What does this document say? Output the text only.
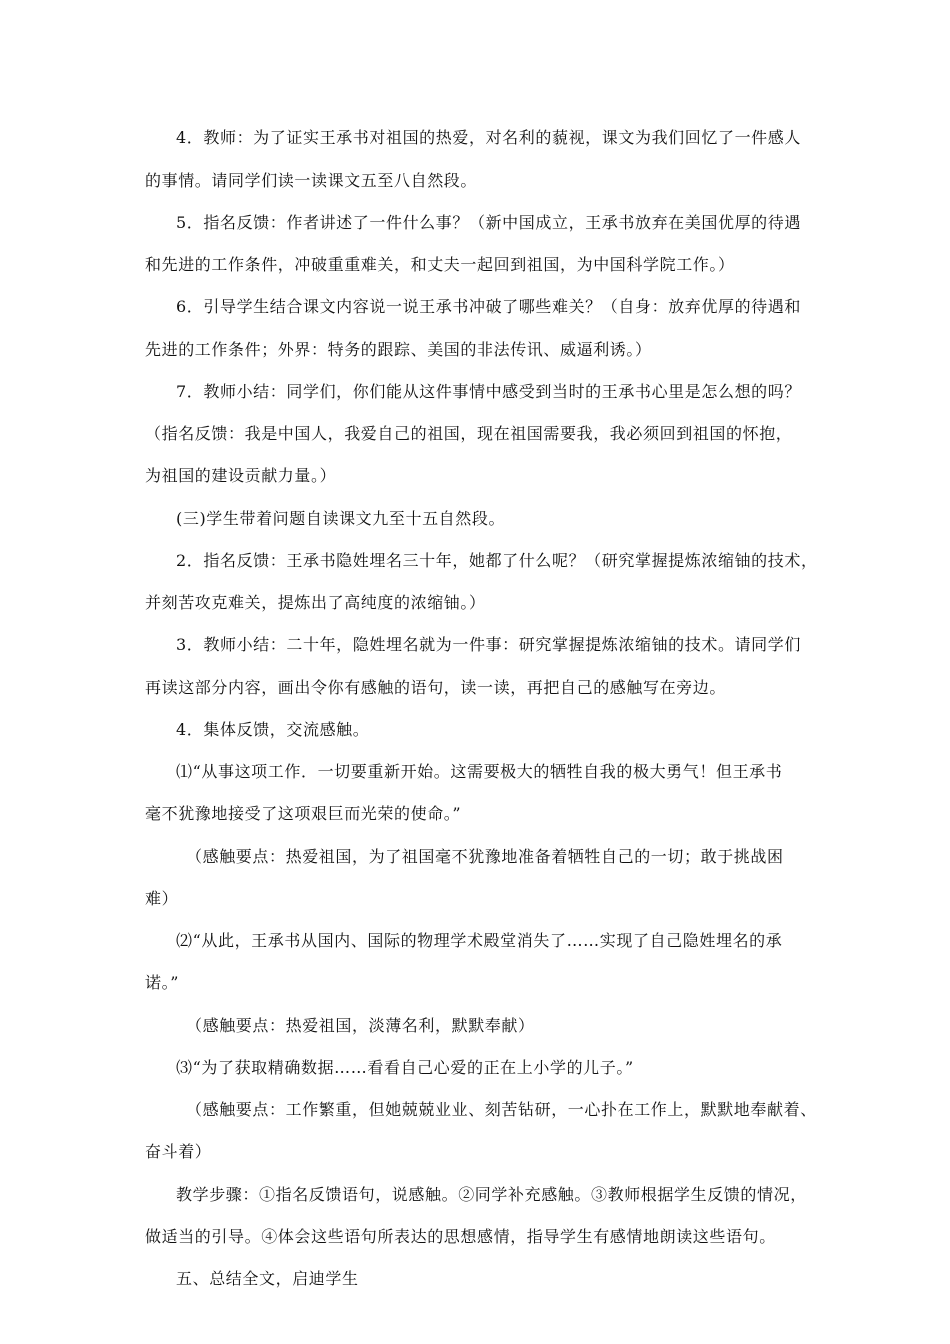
4．教师：为了证实王承书对祖国的热爱，对名利的藐视，课文为我们回忆了一件感人
的事情。请同学们读一读课文五至八自然段。
5．指名反馈：作者讲述了一件什么事？（新中国成立，王承书放弃在美国优厚的待遇
和先进的工作条件，冲破重重难关，和丈夫一起回到祖国，为中国科学院工作。）
6．引导学生结合课文内容说一说王承书冲破了哪些难关？（自身：放弃优厚的待遇和
先进的工作条件；外界：特务的跟踪、美国的非法传讯、威逼利诱。）
7．教师小结：同学们，你们能从这件事情中感受到当时的王承书心里是怎么想的吗？
（指名反馈：我是中国人，我爱自己的祖国，现在祖国需要我，我必须回到祖国的怀抱，
为祖国的建设贡献力量。）
(三)学生带着问题自读课文九至十五自然段。
2．指名反馈：王承书隐姓埋名三十年，她都了什么呢？（研究掌握提炼浓缩铀的技术，
并刻苦攻克难关，提炼出了高纯度的浓缩铀。）
3．教师小结：二十年，隐姓埋名就为一件事：研究掌握提炼浓缩铀的技术。请同学们
再读这部分内容，画出令你有感触的语句，读一读，再把自己的感触写在旁边。
4．集体反馈，交流感触。
⑴“从事这项工作．一切要重新开始。这需要极大的牺牲自我的极大勇气！但王承书
毫不犹豫地接受了这项艰巨而光荣的使命。”
（感触要点：热爱祖国，为了祖国毫不犹豫地准备着牺牲自己的一切；敢于挑战困
难）
⑵“从此，王承书从国内、国际的物理学术殿堂消失了……实现了自己隐姓埋名的承
诺。”
（感触要点：热爱祖国，淡薄名利，默默奉献）
⑶“为了获取精确数据……看看自己心爱的正在上小学的儿子。”
（感触要点：工作繁重，但她兢兢业业、刻苦钻研，一心扑在工作上，默默地奉献着、
奋斗着）
教学步骤：①指名反馈语句，说感触。②同学补充感触。③教师根据学生反馈的情况，
做适当的引导。④体会这些语句所表达的思想感情，指导学生有感情地朗读这些语句。
五、总结全文，启迪学生
